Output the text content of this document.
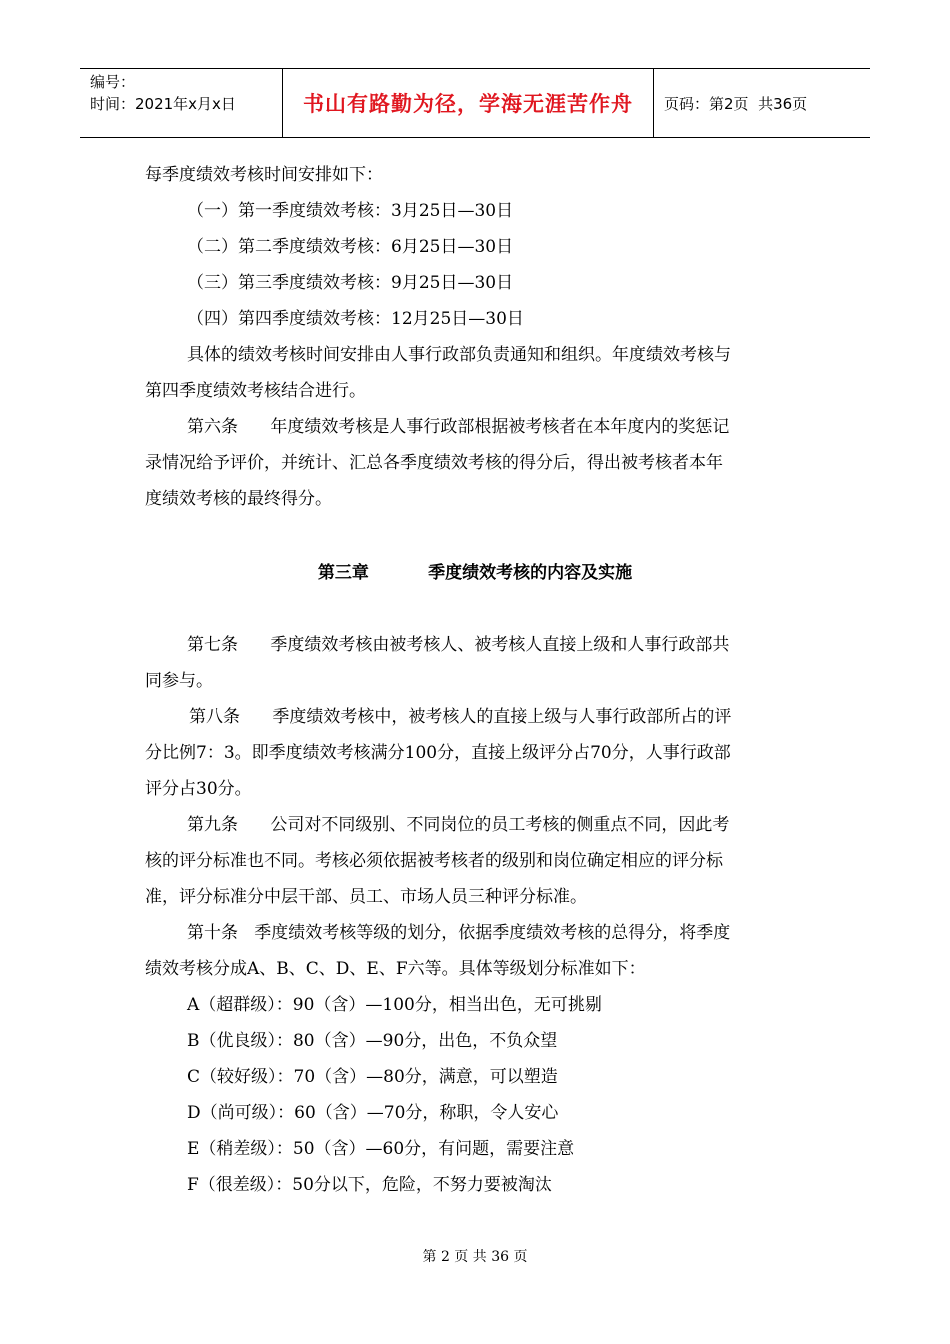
编号：
时间：2021年x月x日	书山有路勤为径，学海无涯苦作舟	页码：第2页  共36页
每季度绩效考核时间安排如下：
（一）第一季度绩效考核：3月25日—30日
（二）第二季度绩效考核：6月25日—30日
（三）第三季度绩效考核：9月25日—30日
（四）第四季度绩效考核：12月25日—30日
具体的绩效考核时间安排由人事行政部负责通知和组织。年度绩效考核与
第四季度绩效考核结合进行。
第六条      年度绩效考核是人事行政部根据被考核者在本年度内的奖惩记
录情况给予评价，并统计、汇总各季度绩效考核的得分后，得出被考核者本年
度绩效考核的最终得分。
第三章          季度绩效考核的内容及实施
第七条      季度绩效考核由被考核人、被考核人直接上级和人事行政部共
同参与。
第八条      季度绩效考核中，被考核人的直接上级与人事行政部所占的评
分比例7：3。即季度绩效考核满分100分，直接上级评分占70分，人事行政部
评分占30分。
第九条      公司对不同级别、不同岗位的员工考核的侧重点不同，因此考
核的评分标准也不同。考核必须依据被考核者的级别和岗位确定相应的评分标
准，评分标准分中层干部、员工、市场人员三种评分标准。
第十条   季度绩效考核等级的划分，依据季度绩效考核的总得分，将季度
绩效考核分成A、B、C、D、E、F六等。具体等级划分标准如下：
A（超群级）：90（含）—100分，相当出色，无可挑剔
B（优良级）：80（含）—90分，出色，不负众望
C（较好级）：70（含）—80分，满意，可以塑造
D（尚可级）：60（含）—70分，称职，令人安心
E（稍差级）：50（含）—60分，有问题，需要注意
F（很差级）：50分以下，危险，不努力要被淘汰
第 2 页 共 36 页
